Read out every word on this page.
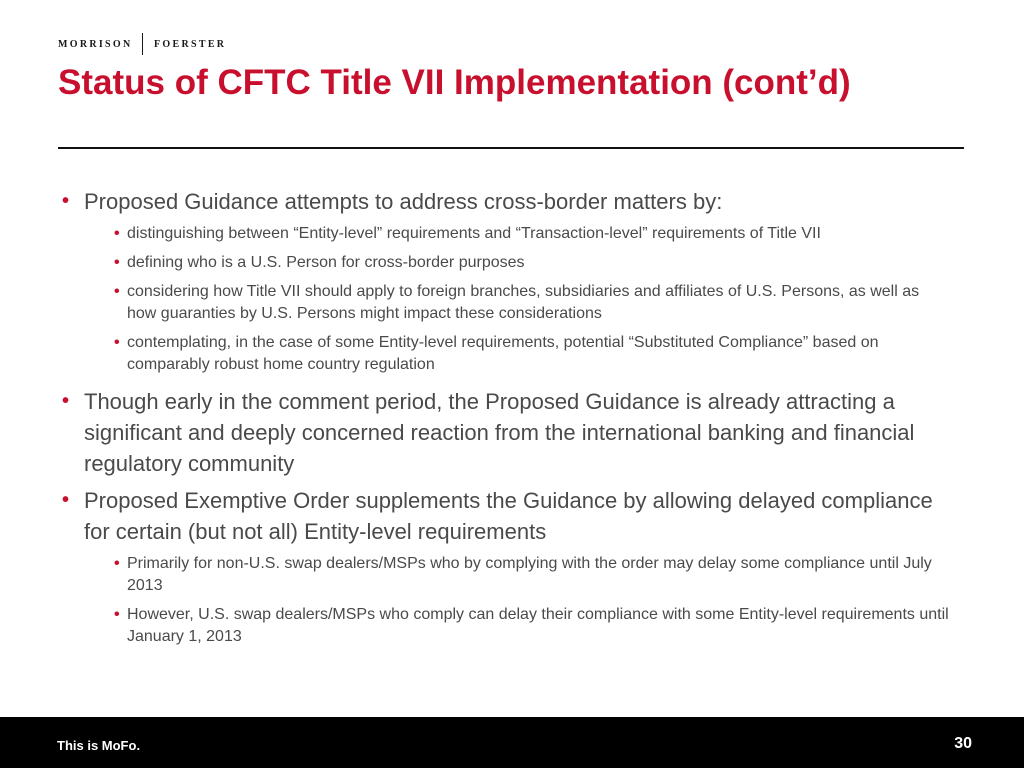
MORRISON FOERSTER
Status of CFTC Title VII Implementation (cont’d)
• Proposed Guidance attempts to address cross-border matters by:
• distinguishing between “Entity-level” requirements and “Transaction-level” requirements of Title VII
• defining who is a U.S. Person for cross-border purposes
• considering how Title VII should apply to foreign branches, subsidiaries and affiliates of U.S. Persons, as well as how guaranties by U.S. Persons might impact these considerations
• contemplating, in the case of some Entity-level requirements, potential “Substituted Compliance” based on comparably robust home country regulation
• Though early in the comment period, the Proposed Guidance is already attracting a significant and deeply concerned reaction from the international banking and financial regulatory community
• Proposed Exemptive Order supplements the Guidance by allowing delayed compliance for certain (but not all) Entity-level requirements
• Primarily for non-U.S. swap dealers/MSPs who by complying with the order may delay some compliance until July 2013
• However, U.S. swap dealers/MSPs who comply can delay their compliance with some Entity-level requirements until January 1, 2013
This is MoFo.	30
